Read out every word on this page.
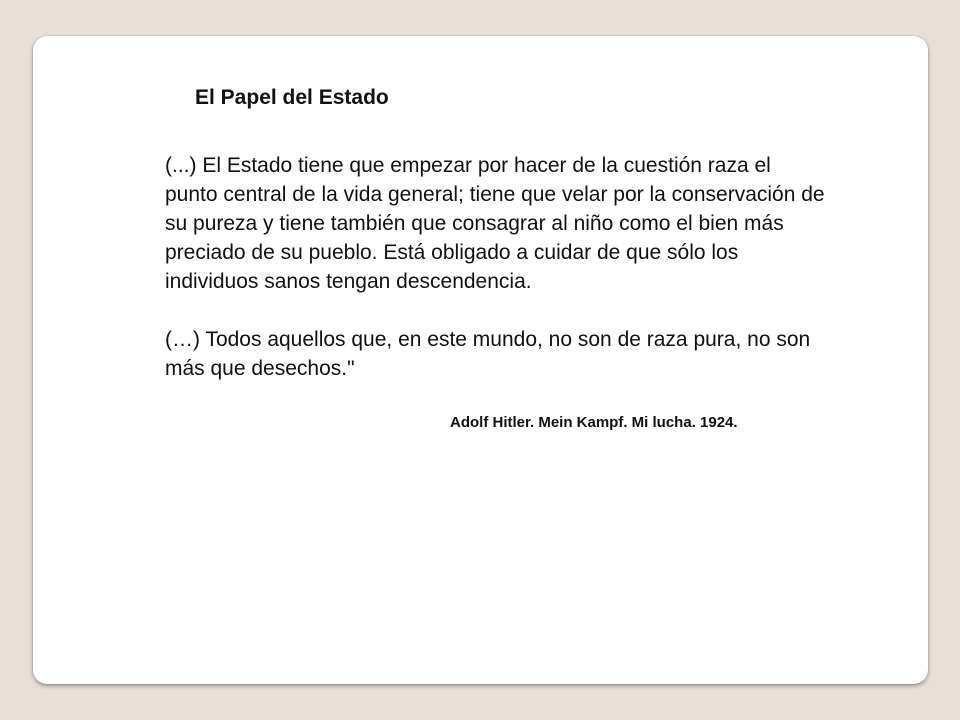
El Papel del Estado

(...) El Estado tiene que empezar por hacer de la cuestión raza el punto central de la vida general; tiene que velar por la conservación de su pureza y tiene también que consagrar al niño como el bien más preciado de su pueblo. Está obligado a cuidar de que sólo los individuos sanos tengan descendencia.

(…) Todos aquellos que, en este mundo, no son de raza pura, no son más que desechos."

Adolf Hitler. Mein Kampf. Mi lucha. 1924.
